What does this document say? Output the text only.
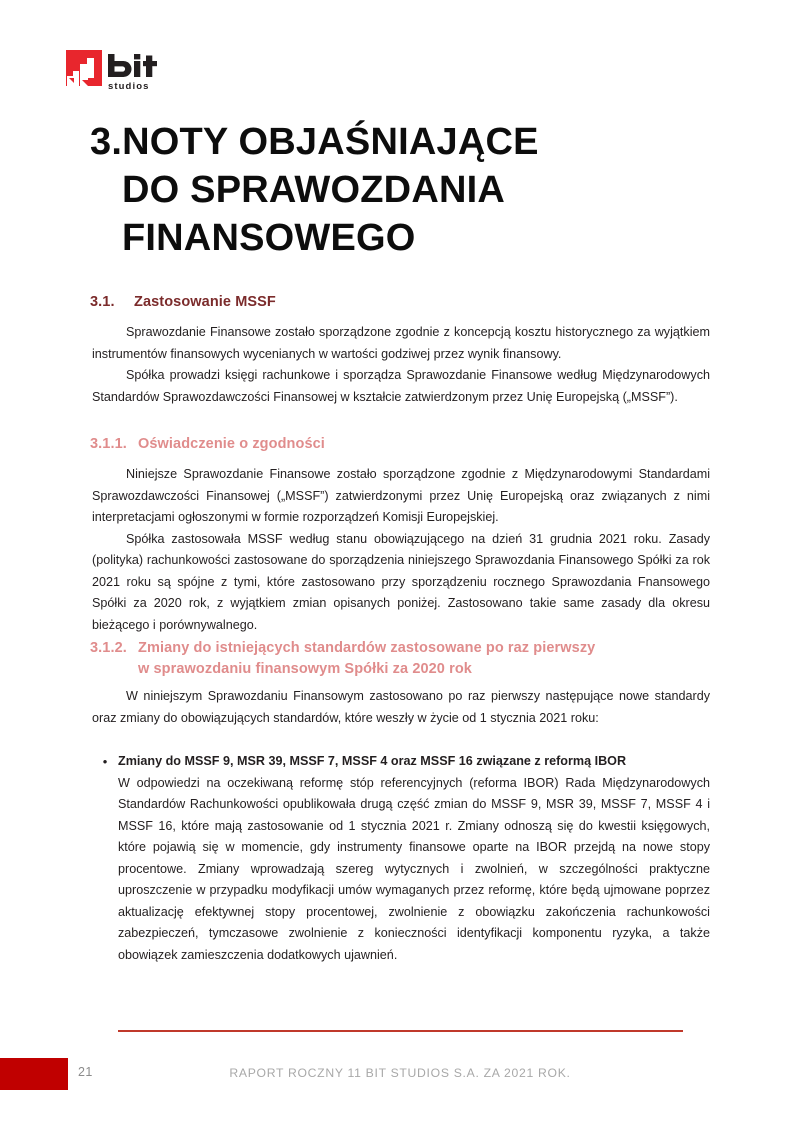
studios
3.NOTY OBJAŚNIAJĄCE
DO SPRAWOZDANIA
FINANSOWEGO
3.1. Zastosowanie MSSF

Sprawozdanie Finansowe zostało sporządzone zgodnie z koncepcją kosztu historycznego za wyjątkiem instrumentów finansowych wycenianych w wartości godziwej przez wynik finansowy.

Spółka prowadzi księgi rachunkowe i sporządza Sprawozdanie Finansowe według Międzynarodowych Standardów Sprawozdawczości Finansowej w kształcie zatwierdzonym przez Unię Europejską („MSSF”).

3.1.1. Oświadczenie o zgodności

Niniejsze Sprawozdanie Finansowe zostało sporządzone zgodnie z Międzynarodowymi Standardami Sprawozdawczości Finansowej („MSSF”) zatwierdzonymi przez Unię Europejską oraz związanych z nimi interpretacjami ogłoszonymi w formie rozporządzeń Komisji Europejskiej.

Spółka zastosowała MSSF według stanu obowiązującego na dzień 31 grudnia 2021 roku. Zasady (polityka) rachunkowości zastosowane do sporządzenia niniejszego Sprawozdania Finansowego Spółki za rok 2021 roku są spójne z tymi, które zastosowano przy sporządzeniu rocznego Sprawozdania Fnansowego Spółki za 2020 rok, z wyjątkiem zmian opisanych poniżej. Zastosowano takie same zasady dla okresu bieżącego i porównywalnego.

3.1.2. Zmiany do istniejących standardów zastosowane po raz pierwszy
w sprawozdaniu finansowym Spółki za 2020 rok

W niniejszym Sprawozdaniu Finansowym zastosowano po raz pierwszy następujące nowe standardy oraz zmiany do obowiązujących standardów, które weszły w życie od 1 stycznia 2021 roku:

• Zmiany do MSSF 9, MSR 39, MSSF 7, MSSF 4 oraz MSSF 16 związane z reformą IBOR

W odpowiedzi na oczekiwaną reformę stóp referencyjnych (reforma IBOR) Rada Międzynarodowych Standardów Rachunkowości opublikowała drugą część zmian do MSSF 9, MSR 39, MSSF 7, MSSF 4 i MSSF 16, które mają zastosowanie od 1 stycznia 2021 r. Zmiany odnoszą się do kwestii księgowych, które pojawią się w momencie, gdy instrumenty finansowe oparte na IBOR przejdą na nowe stopy procentowe. Zmiany wprowadzają szereg wytycznych i zwolnień, w szczególności praktyczne uproszczenie w przypadku modyfikacji umów wymaganych przez reformę, które będą ujmowane poprzez aktualizację efektywnej stopy procentowej, zwolnienie z obowiązku zakończenia rachunkowości zabezpieczeń, tymczasowe zwolnienie z konieczności identyfikacji komponentu ryzyka, a także obowiązek zamieszczenia dodatkowych ujawnień.

21	RAPORT ROCZNY 11 BIT STUDIOS S.A. ZA 2021 ROK.
